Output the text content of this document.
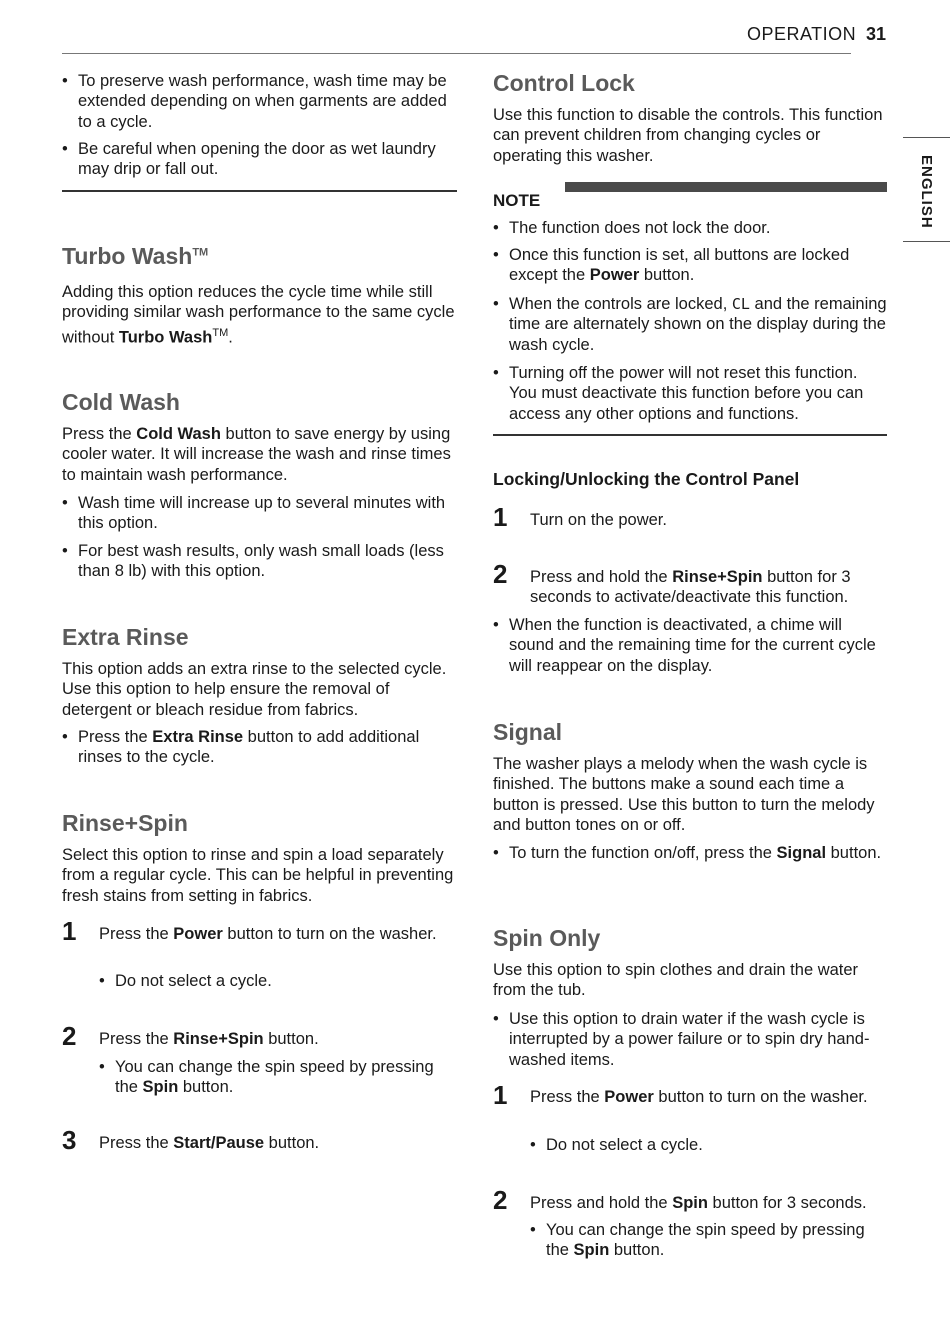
OPERATION 31
ENGLISH
• To preserve wash performance, wash time may be extended depending on when garments are added to a cycle.
• Be careful when opening the door as wet laundry may drip or fall out.
Turbo Wash™
Adding this option reduces the cycle time while still providing similar wash performance to the same cycle without Turbo Wash™.
Cold Wash
Press the Cold Wash button to save energy by using cooler water. It will increase the wash and rinse times to maintain wash performance.
• Wash time will increase up to several minutes with this option.
• For best wash results, only wash small loads (less than 8 lb) with this option.
Extra Rinse
This option adds an extra rinse to the selected cycle. Use this option to help ensure the removal of detergent or bleach residue from fabrics.
• Press the Extra Rinse button to add additional rinses to the cycle.
Rinse+Spin
Select this option to rinse and spin a load separately from a regular cycle. This can be helpful in preventing fresh stains from setting in fabrics.
1 Press the Power button to turn on the washer.
• Do not select a cycle.
2 Press the Rinse+Spin button.
• You can change the spin speed by pressing the Spin button.
3 Press the Start/Pause button.
Control Lock
Use this function to disable the controls. This function can prevent children from changing cycles or operating this washer.
NOTE
• The function does not lock the door.
• Once this function is set, all buttons are locked except the Power button.
• When the controls are locked, CL and the remaining time are alternately shown on the display during the wash cycle.
• Turning off the power will not reset this function. You must deactivate this function before you can access any other options and functions.
Locking/Unlocking the Control Panel
1 Turn on the power.
2 Press and hold the Rinse+Spin button for 3 seconds to activate/deactivate this function.
• When the function is deactivated, a chime will sound and the remaining time for the current cycle will reappear on the display.
Signal
The washer plays a melody when the wash cycle is finished. The buttons make a sound each time a button is pressed. Use this button to turn the melody and button tones on or off.
• To turn the function on/off, press the Signal button.
Spin Only
Use this option to spin clothes and drain the water from the tub.
• Use this option to drain water if the wash cycle is interrupted by a power failure or to spin dry hand-washed items.
1 Press the Power button to turn on the washer.
• Do not select a cycle.
2 Press and hold the Spin button for 3 seconds.
• You can change the spin speed by pressing the Spin button.
